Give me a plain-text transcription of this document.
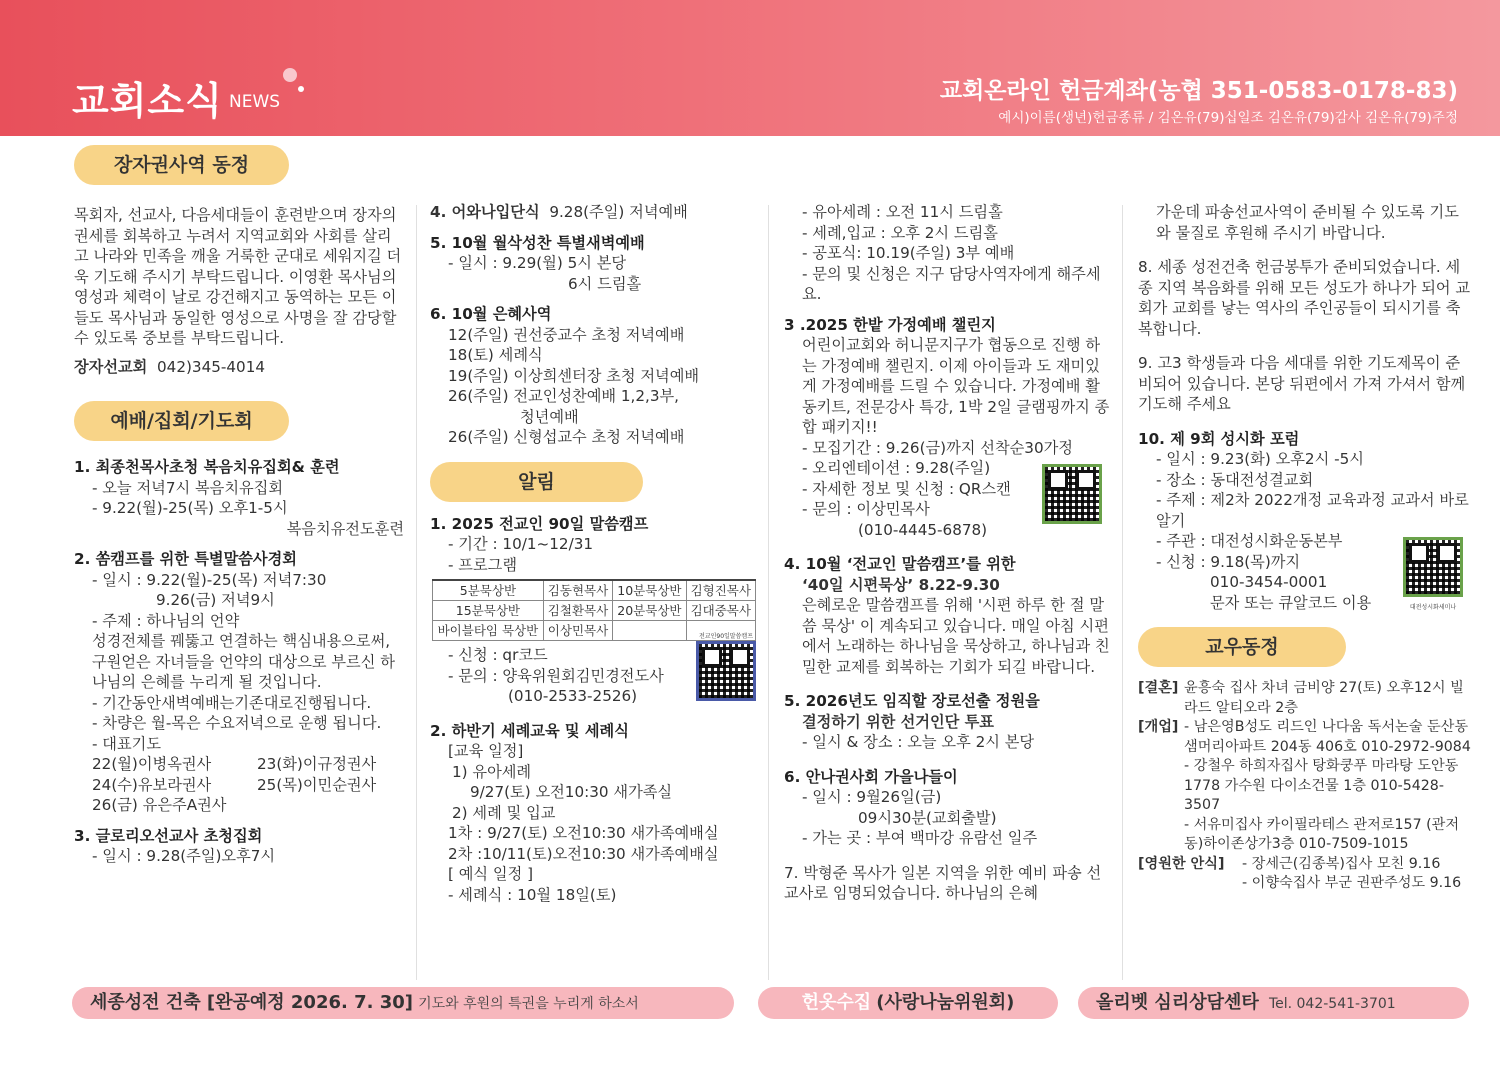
교회소식 NEWS	교회온라인 헌금계좌(농협 351-0583-0178-83)
예시)이름(생년)헌금종류 / 김온유(79)십일조 김온유(79)감사 김온유(79)주정
장자권사역 동정

목회자, 선교사, 다음세대들이 훈련받으며 장자의 권세를 회복하고 누려서 지역교회와 사회를 살리고 나라와 민족을 깨울 거룩한 군대로 세워지길 더욱 기도해 주시기 부탁드립니다. 이영환 목사님의 영성과 체력이 날로 강건해지고 동역하는 모든 이들도 목사님과 동일한 영성으로 사명을 잘 감당할 수 있도록 중보를 부탁드립니다.

장자선교회 042)345-4014

예배/집회/기도회

1. 최종천목사초청 복음치유집회& 훈련

- 오늘 저녁7시 복음치유집회

- 9.22(월)-25(목) 오후1-5시

복음치유전도훈련

2. 쏨캠프를 위한 특별말씀사경회

- 일시 : 9.22(월)-25(목) 저녁7:30

9.26(금) 저녁9시

- 주제 : 하나님의 언약

성경전체를 꿰뚫고 연결하는 핵심내용으로써, 구원얻은 자녀들을 언약의 대상으로 부르신 하나님의 은혜를 누리게 될 것입니다.

- 기간동안새벽예배는기존대로진행됩니다.

- 차량은 월-목은 수요저녁으로 운행 됩니다.

- 대표기도

22(월)이병옥권사	23(화)이규정권사
24(수)유보라권사	25(목)이민순권사
26(금) 유은주A권사

3. 글로리오선교사 초청집회

- 일시 : 9.28(주일)오후7시

4. 어와나입단식 9.28(주일) 저녁예배

5. 10월 월삭성찬 특별새벽예배

- 일시 : 9.29(월) 5시 본당

6시 드림홀

6. 10월 은혜사역

12(주일) 권선중교수 초청 저녁예배

18(토) 세례식

19(주일) 이상희센터장 초청 저녁예배

26(주일) 전교인성찬예배 1,2,3부,

청년예배

26(주일) 신형섭교수 초청 저녁예배

알림

1. 2025 전교인 90일 말씀캠프

- 기간 : 10/1~12/31

- 프로그램

5분묵상반	김동현목사	10분묵상반	김형진목사
15분묵상반	김철환목사	20분묵상반	김대중목사
바이블타임 묵상반	이상민목사			전교인90일말씀캠프

- 신청 : qr코드

- 문의 : 양육위원회김민경전도사

(010-2533-2526)

2. 하반기 세례교육 및 세례식

[교육 일정]

1) 유아세례

9/27(토) 오전10:30 새가족실

2) 세례 및 입교

1차 : 9/27(토) 오전10:30 새가족예배실

2차 :10/11(토)오전10:30 새가족예배실

[ 예식 일정 ]

- 세례식 : 10월 18일(토)

- 유아세례 : 오전 11시 드림홀

- 세례,입교 : 오후 2시 드림홀

- 공포식: 10.19(주일) 3부 예배

- 문의 및 신청은 지구 담당사역자에게 해주세요.

3 .2025 한밭 가정예배 챌린지

어린이교회와 허니문지구가 협동으로 진행 하는 가정예배 챌린지. 이제 아이들과 도 재미있게 가정예배를 드릴 수 있습니다. 가정예배 활동키트, 전문강사 특강, 1박 2일 글램핑까지 종합 패키지!!

- 모집기간 : 9.26(금)까지 선착순30가정

- 오리엔테이션 : 9.28(주일)

- 자세한 정보 및 신청 : QR스캔

- 문의 : 이상민목사

(010-4445-6878)

4. 10월 ‘전교인 말씀캠프’를 위한

‘40일 시편묵상’ 8.22-9.30

은혜로운 말씀캠프를 위해 '시편 하루 한 절 말씀 묵상' 이 계속되고 있습니다. 매일 아침 시편에서 노래하는 하나님을 묵상하고, 하나님과 친밀한 교제를 회복하는 기회가 되길 바랍니다.

5. 2026년도 임직할 장로선출 정원을

결정하기 위한 선거인단 투표

- 일시 & 장소 : 오늘 오후 2시 본당

6. 안나권사회 가을나들이

- 일시 : 9월26일(금)

09시30분(교회출발)

- 가는 곳 : 부여 백마강 유람선 일주

7. 박형준 목사가 일본 지역을 위한 예비 파송 선교사로 임명되었습니다. 하나님의 은혜

가운데 파송선교사역이 준비될 수 있도록 기도와 물질로 후원해 주시기 바랍니다.

8. 세종 성전건축 헌금봉투가 준비되었습니다. 세종 지역 복음화를 위해 모든 성도가 하나가 되어 교회가 교회를 낳는 역사의 주인공들이 되시기를 축복합니다.

9. 고3 학생들과 다음 세대를 위한 기도제목이 준비되어 있습니다. 본당 뒤편에서 가져 가셔서 함께 기도해 주세요

10. 제 9회 성시화 포럼

대전성시화세미나

- 일시 : 9.23(화) 오후2시 -5시

- 장소 : 동대전성결교회

- 주제 : 제2차 2022개정 교육과정 교과서 바로알기

- 주관 : 대전성시화운동본부

- 신청 : 9.18(목)까지

010-3454-0001

문자 또는 큐알코드 이용

교우동정
[결혼] 윤흥숙 집사 차녀 금비양 27(토) 오후12시 빌라드 알티오라 2층
[개업] - 남은영B성도 리드인 나다움 독서논술 둔산동 샘머리아파트 204동 406호 010-2972-9084
- 강철우 하희자집사 탕화쿵푸 마라탕 도안동1778 가수원 다이소건물 1층 010-5428-3507
- 서유미집사 카이필라테스 관저로157 (관저동)하이존상가3층 010-7509-1015
[영원한 안식]	- 장세근(김종복)집사 모친 9.16
- 이향숙집사 부군 권판주성도 9.16
세종성전 건축 [완공예정 2026. 7. 30] 기도와 후원의 특권을 누리게 하소서	헌옷수집 (사랑나눔위원회)	올리벳 심리상담센타 Tel. 042-541-3701
